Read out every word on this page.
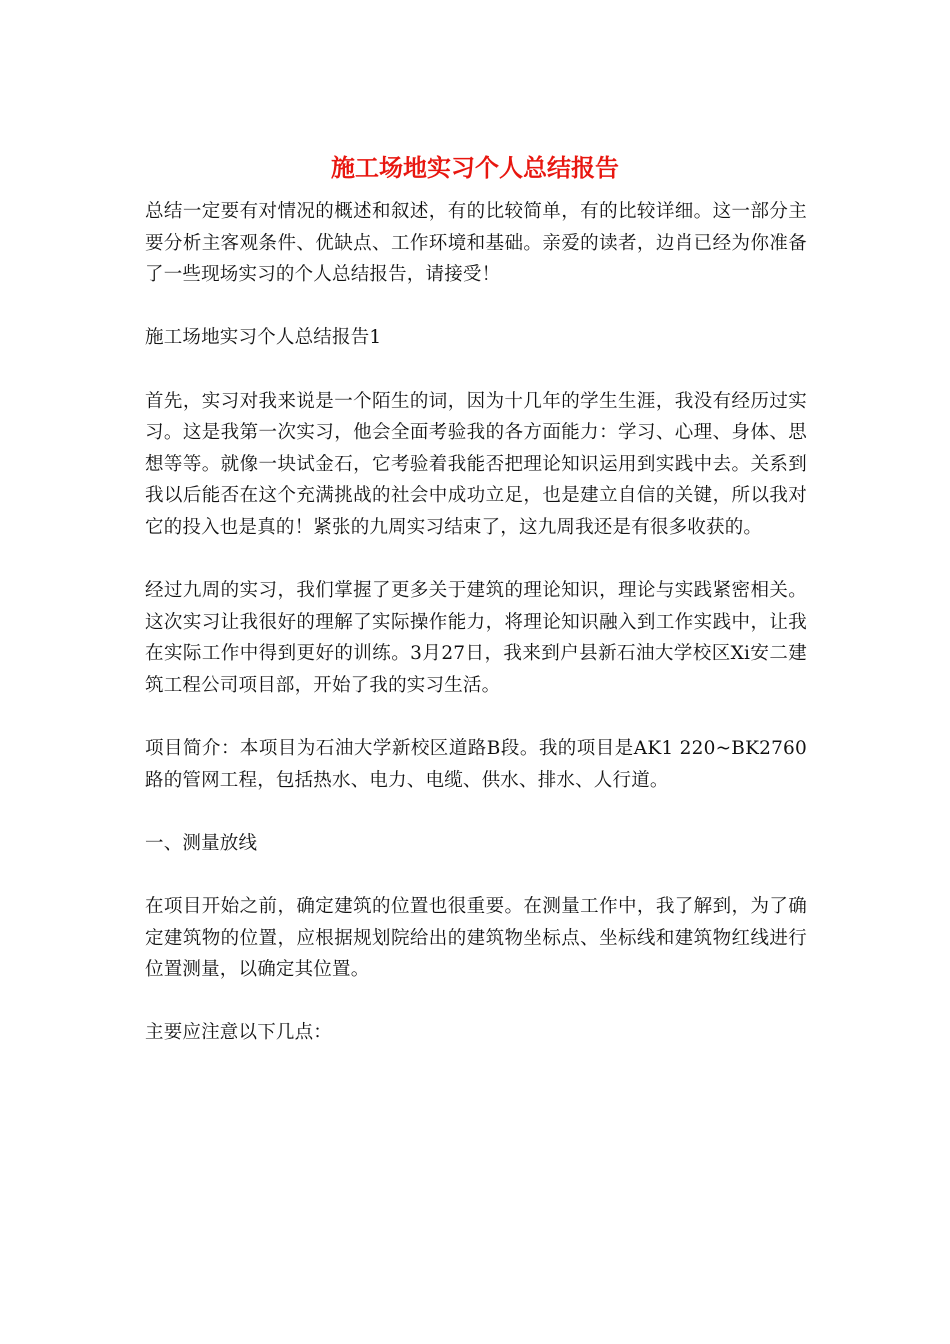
施工场地实习个人总结报告

总结一定要有对情况的概述和叙述，有的比较简单，有的比较详细。这一部分主要分析主客观条件、优缺点、工作环境和基础。亲爱的读者，边肖已经为你准备了一些现场实习的个人总结报告，请接受！

施工场地实习个人总结报告1

首先，实习对我来说是一个陌生的词，因为十几年的学生生涯，我没有经历过实习。这是我第一次实习，他会全面考验我的各方面能力：学习、心理、身体、思想等等。就像一块试金石，它考验着我能否把理论知识运用到实践中去。关系到我以后能否在这个充满挑战的社会中成功立足，也是建立自信的关键，所以我对它的投入也是真的！紧张的九周实习结束了，这九周我还是有很多收获的。

经过九周的实习，我们掌握了更多关于建筑的理论知识，理论与实践紧密相关。这次实习让我很好的理解了实际操作能力，将理论知识融入到工作实践中，让我在实际工作中得到更好的训练。3月27日，我来到户县新石油大学校区Xi安二建筑工程公司项目部，开始了我的实习生活。

项目简介：本项目为石油大学新校区道路B段。我的项目是AK1 220~BK2760路的管网工程，包括热水、电力、电缆、供水、排水、人行道。

一、测量放线

在项目开始之前，确定建筑的位置也很重要。在测量工作中，我了解到，为了确定建筑物的位置，应根据规划院给出的建筑物坐标点、坐标线和建筑物红线进行位置测量，以确定其位置。

主要应注意以下几点：
